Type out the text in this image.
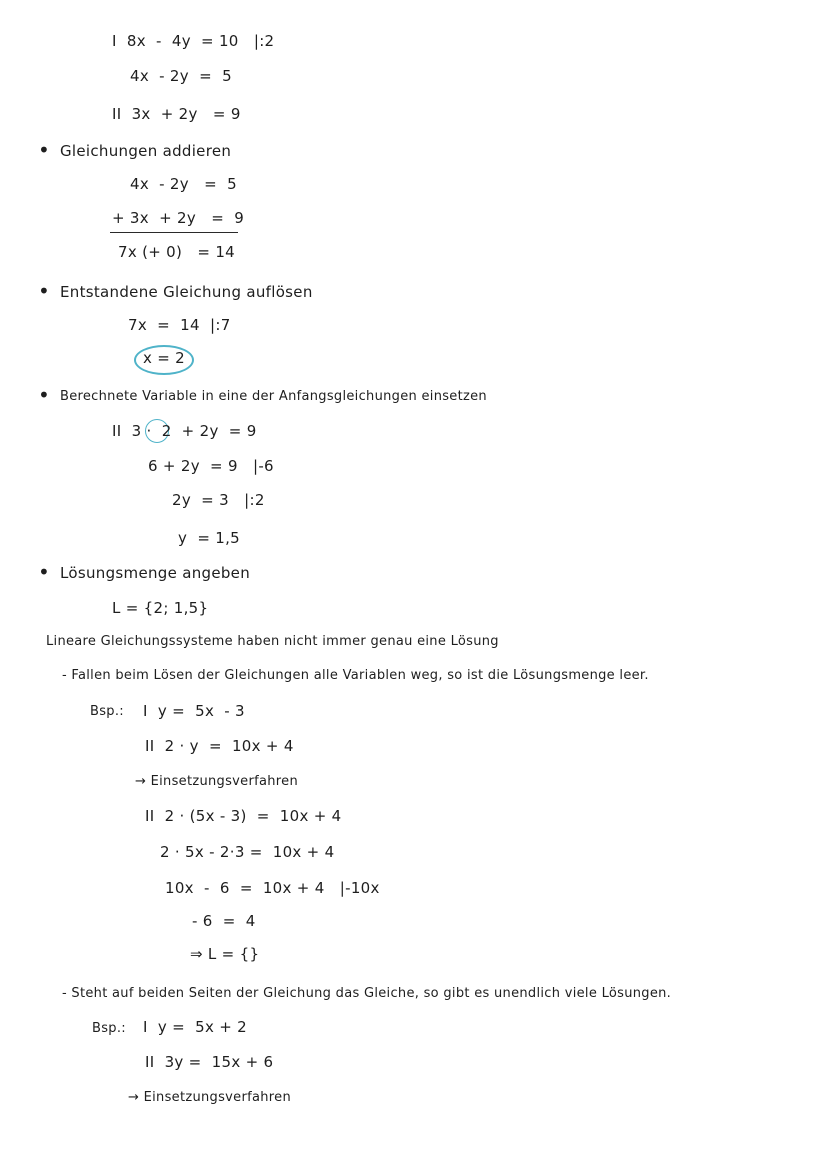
I  8x  -  4y  = 10   |:2
4x  - 2y  =  5
II  3x  + 2y   = 9
• Gleichungen addieren
4x  - 2y   =  5
+ 3x  + 2y   =  9
7x (+ 0)   = 14
• Entstandene Gleichung auflösen
7x  =  14  |:7
x = 2
• Berechnete Variable in eine der Anfangsgleichungen einsetzen
II  3 ·  2  + 2y  = 9
6 + 2y  = 9   |-6
2y  = 3   |:2
y  = 1,5
• Lösungsmenge angeben
L = {2; 1,5}
Lineare Gleichungssysteme haben nicht immer genau eine Lösung
- Fallen beim Lösen der Gleichungen alle Variablen weg, so ist die Lösungsmenge leer.
Bsp.: I  y =  5x  - 3
II  2 · y  =  10x + 4
→ Einsetzungsverfahren
II  2 · (5x - 3)  =  10x + 4
2 · 5x - 2·3 =  10x + 4
10x  -  6  =  10x + 4   |-10x
- 6  =  4
⇒ L = {}
- Steht auf beiden Seiten der Gleichung das Gleiche, so gibt es unendlich viele Lösungen.
Bsp.: I  y =  5x + 2
II  3y =  15x + 6
→ Einsetzungsverfahren
